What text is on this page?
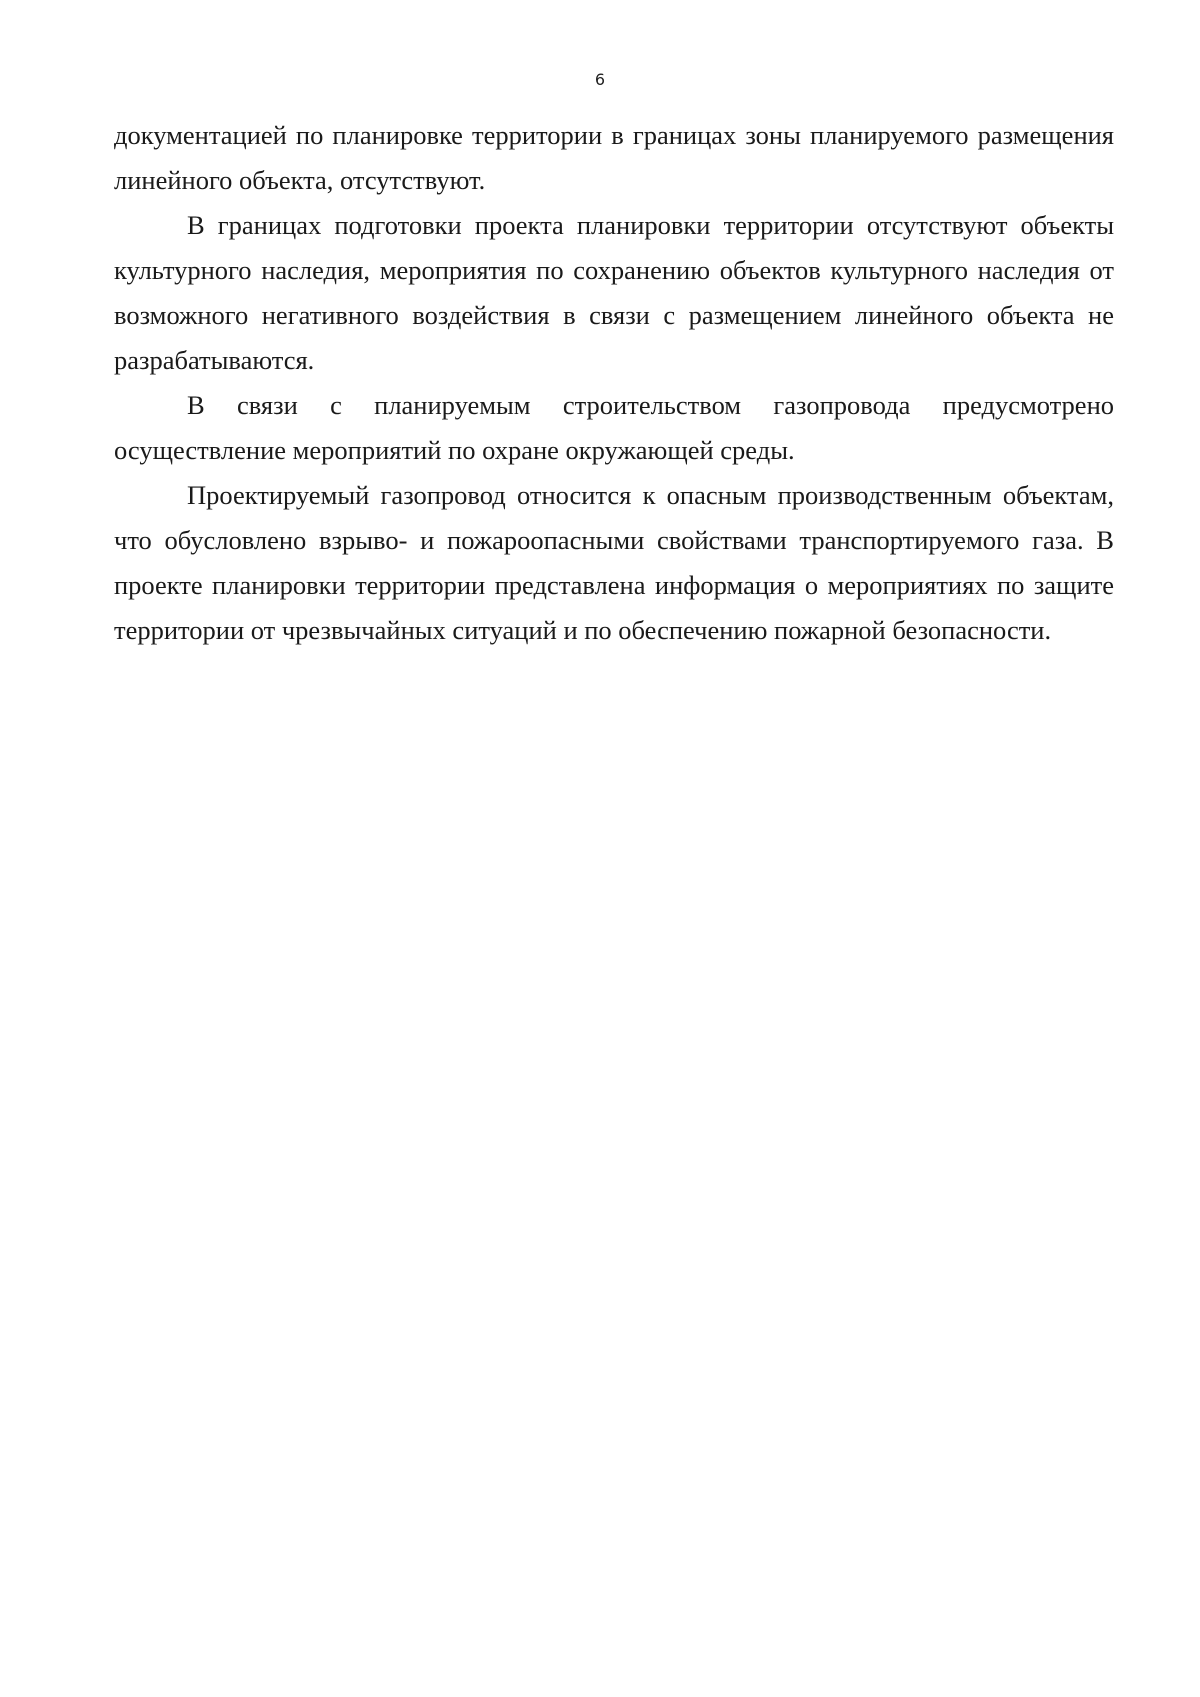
6

документацией по планировке территории в границах зоны планируемого размещения линейного объекта, отсутствуют.

В границах подготовки проекта планировки территории отсутствуют объекты культурного наследия, мероприятия по сохранению объектов культурного наследия от возможного негативного воздействия в связи с размещением линейного объекта не разрабатываются.

В связи с планируемым строительством газопровода предусмотрено осуществление мероприятий по охране окружающей среды.

Проектируемый газопровод относится к опасным производственным объектам, что обусловлено взрыво- и пожароопасными свойствами транспортируемого газа. В проекте планировки территории представлена информация о мероприятиях по защите территории от чрезвычайных ситуаций и по обеспечению пожарной безопасности.
